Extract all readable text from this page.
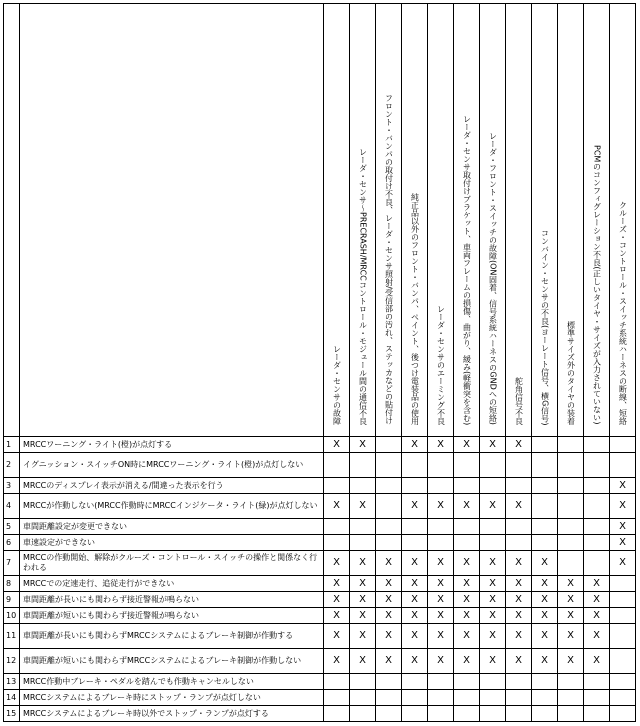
		レーダ・センサの故障	レーダ・センサ〜PRECRASH/MRCCコントロール・モジュール間の通信不良	フロント・バンパの取付け不良、レーダ・センサ照射/受信部の汚れ、ステッカなどの貼付け	純正品以外のフロント・バンパ、ペイント、後つけ電装品の使用	レーダ・センサのエーミング不良	レーダ・センサ取付けブラケット、車両フレームの損傷、曲がり、緩み(軽衝突を含む)	レーダ・フロント・スイッチの故障(ON固着、信号系統ハーネスのGNDへの短絡)	舵角信号不良	コンバイン・センサの不良(ヨーレート信号、横G信号)	標準サイズ外のタイヤの装着	PCMのコンフィグレーション不良(正しいタイヤ・サイズが入力されていない)	クルーズ・コントロール・スイッチ系統ハーネスの断線、短絡
1	MRCCワーニング・ライト(橙)が点灯する	X	X		X	X	X	X	X				
2	イグニッション・スイッチON時にMRCCワーニング・ライト(橙)が点灯しない												
3	MRCCのディスプレイ表示が消える/間違った表示を行う												X
4	MRCCが作動しない(MRCC作動時にMRCCインジケータ・ライト(緑)が点灯しない	X	X		X	X	X	X	X				X
5	車間距離設定が変更できない												X
6	車速設定ができない												X
7	MRCCの作動開始、解除がクルーズ・コントロール・スイッチの操作と関係なく行われる	X	X	X	X	X	X	X	X	X			X
8	MRCCでの定速走行、追従走行ができない	X	X	X	X	X	X	X	X	X	X	X	
9	車間距離が長いにも関わらず接近警報が鳴らない	X	X	X	X	X	X	X	X	X	X	X	
10	車間距離が短いにも関わらず接近警報が鳴らない	X	X	X	X	X	X	X	X	X	X	X	
11	車間距離が長いにも関わらずMRCCシステムによるブレーキ制御が作動する	X	X	X	X	X	X	X	X	X	X	X	
12	車間距離が短いにも関わらずMRCCシステムによるブレーキ制御が作動しない	X	X	X	X	X	X	X	X	X	X	X	
13	MRCC作動中ブレーキ・ペダルを踏んでも作動キャンセルしない												
14	MRCCシステムによるブレーキ時にストップ・ランプが点灯しない												
15	MRCCシステムによるブレーキ時以外でストップ・ランプが点灯する												
